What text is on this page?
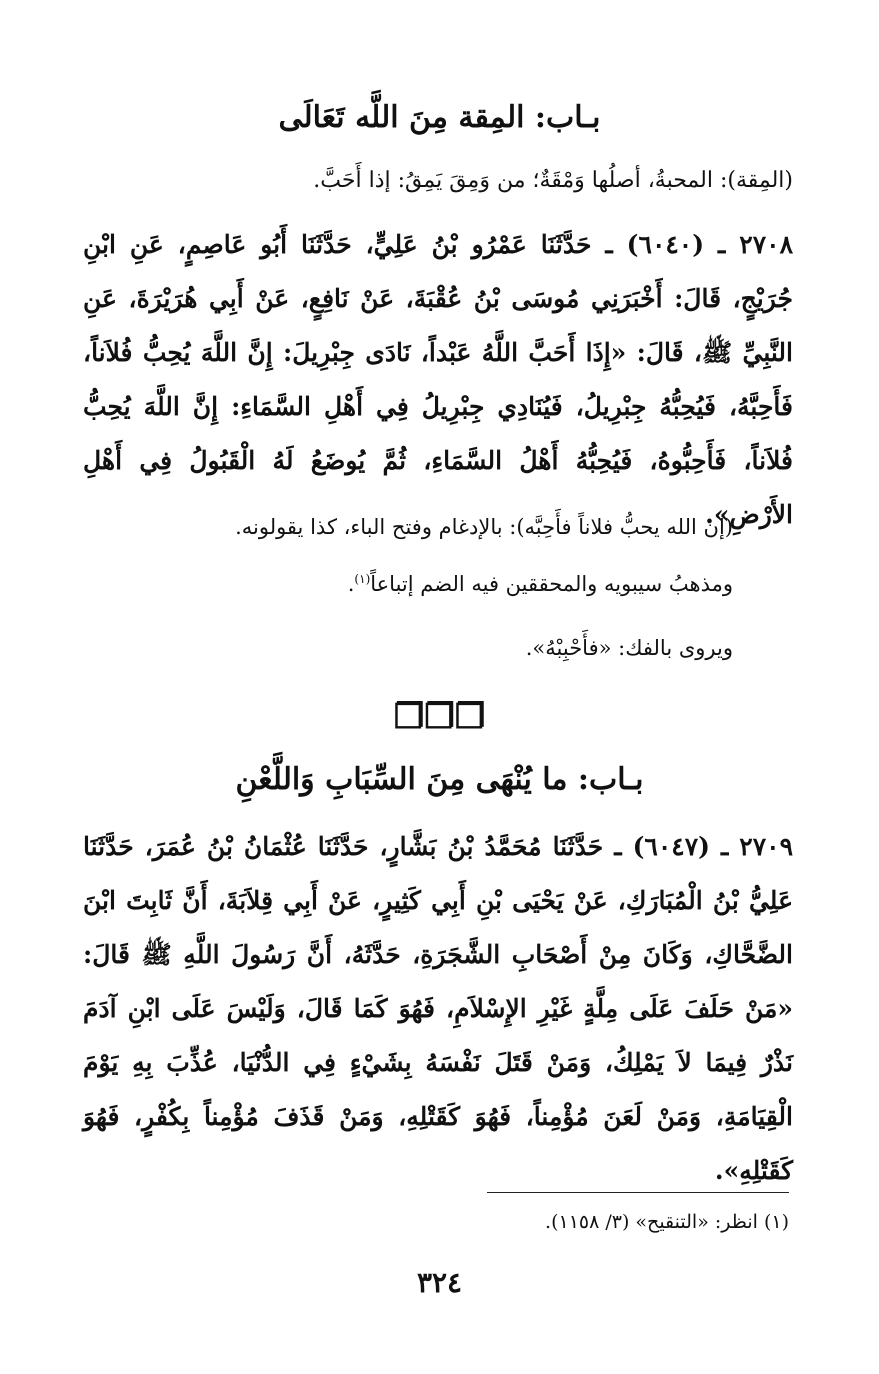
بـاب: المِقة مِنَ اللَّه تَعَالَى
(المِقة): المحبةُ، أصلُها وَمْقَةٌ؛ من وَمِقَ يَمِقُ: إذا أَحَبَّ.
٢٧٠٨ ـ (٦٠٤٠) ـ حَدَّثَنَا عَمْرُو بْنُ عَلِيٍّ، حَدَّثَنَا أَبُو عَاصِمٍ، عَنِ ابْنِ جُرَيْجٍ، قَالَ: أَخْبَرَنِي مُوسَى بْنُ عُقْبَةَ، عَنْ نَافِعٍ، عَنْ أَبِي هُرَيْرَةَ، عَنِ النَّبِيِّ ﷺ، قَالَ: «إِذَا أَحَبَّ اللَّهُ عَبْداً، نَادَى جِبْرِيلَ: إِنَّ اللَّهَ يُحِبُّ فُلاَناً، فَأَحِبَّهُ، فَيُحِبُّهُ جِبْرِيلُ، فَيُنَادِي جِبْرِيلُ فِي أَهْلِ السَّمَاءِ: إِنَّ اللَّهَ يُحِبُّ فُلاَناً، فَأَحِبُّوهُ، فَيُحِبُّهُ أَهْلُ السَّمَاءِ، ثُمَّ يُوضَعُ لَهُ الْقَبُولُ فِي أَهْلِ الأَرْضِ».
(إن الله يحبُّ فلاناً فأَحِبَّه): بالإدغام وفتح الباء، كذا يقولونه.
ومذهبُ سيبويه والمحققين فيه الضم إتباعاً$^{(١)}$.
ويروى بالفك: «فأَحْبِبْهُ».
❐❐❐
بـاب: ما يُنْهَى مِنَ السِّبَابِ وَاللَّعْنِ
٢٧٠٩ ـ (٦٠٤٧) ـ حَدَّثَنَا مُحَمَّدُ بْنُ بَشَّارٍ، حَدَّثَنَا عُثْمَانُ بْنُ عُمَرَ، حَدَّثَنَا عَلِيُّ بْنُ الْمُبَارَكِ، عَنْ يَحْيَى بْنِ أَبِي كَثِيرٍ، عَنْ أَبِي قِلاَبَةَ، أَنَّ ثَابِتَ ابْنَ الضَّحَّاكِ، وَكَانَ مِنْ أَصْحَابِ الشَّجَرَةِ، حَدَّثَهُ، أَنَّ رَسُولَ اللَّهِ ﷺ قَالَ: «مَنْ حَلَفَ عَلَى مِلَّةٍ غَيْرِ الإِسْلاَمِ، فَهُوَ كَمَا قَالَ، وَلَيْسَ عَلَى ابْنِ آدَمَ نَذْرٌ فِيمَا لاَ يَمْلِكُ، وَمَنْ قَتَلَ نَفْسَهُ بِشَيْءٍ فِي الدُّنْيَا، عُذِّبَ بِهِ يَوْمَ الْقِيَامَةِ، وَمَنْ لَعَنَ مُؤْمِناً، فَهُوَ كَقَتْلِهِ، وَمَنْ قَذَفَ مُؤْمِناً بِكُفْرٍ، فَهُوَ كَقَتْلِهِ».
(١) انظر: «التنقيح» (٣/ ١١٥٨).
٣٢٤
